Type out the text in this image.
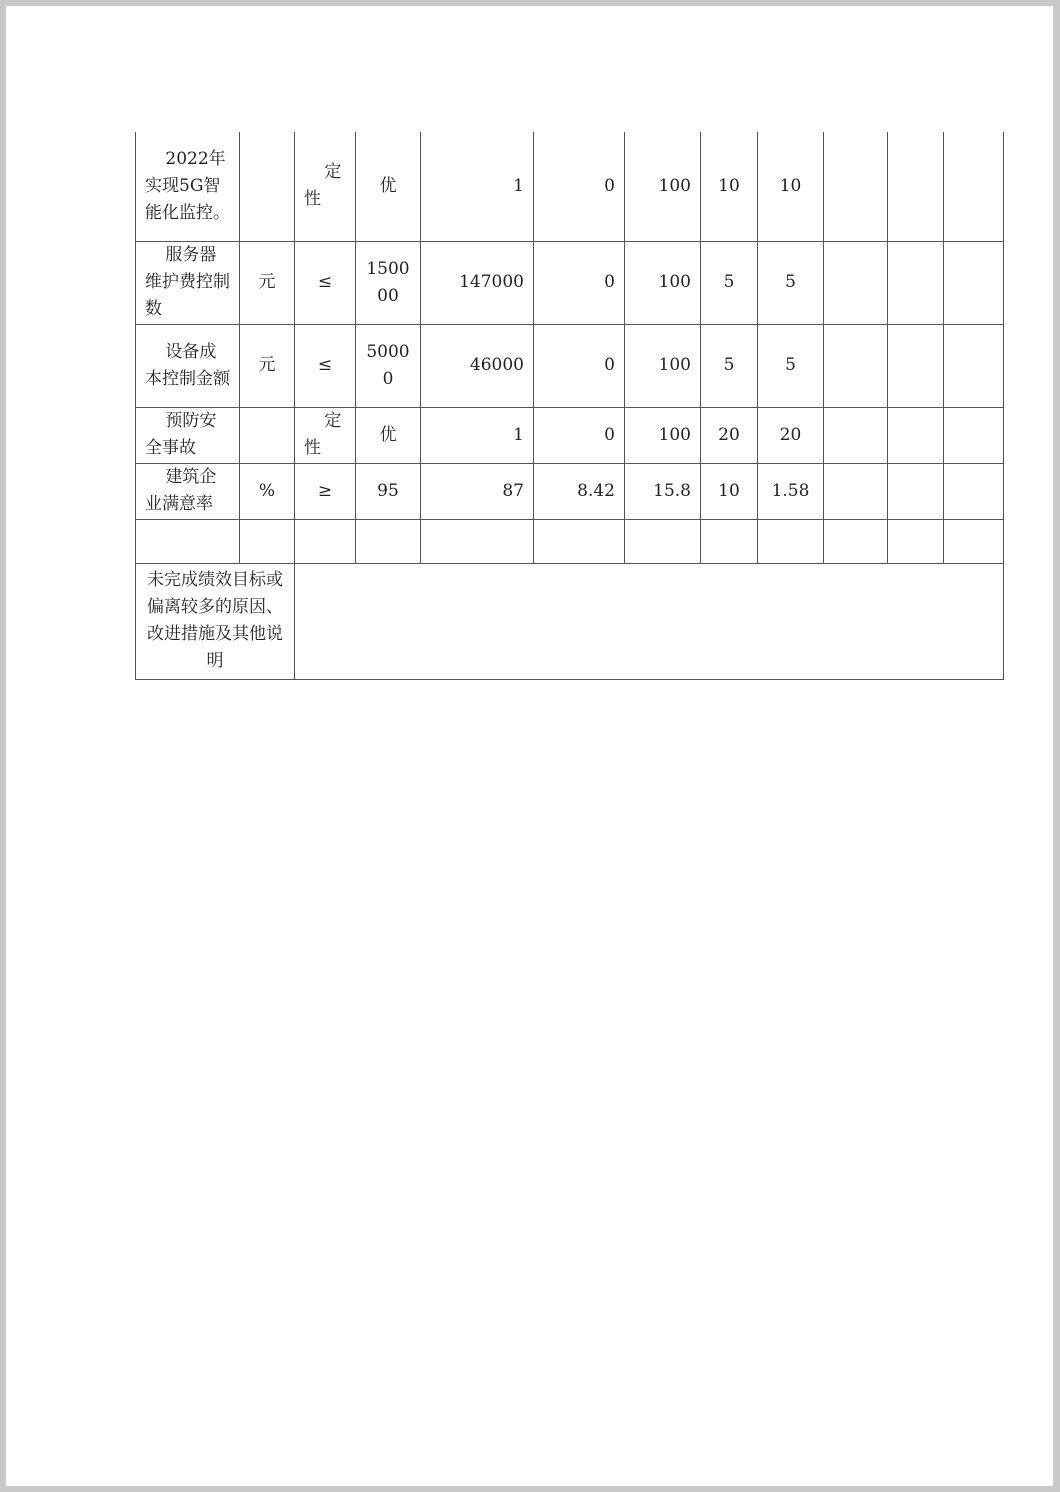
2022年实现5G智能化监控。		定性	优	1	0	100	10	10			
服务器维护费控制数	元	≤	150000	147000	0	100	5	5			
设备成本控制金额	元	≤	50000	46000	0	100	5	5			
预防安全事故		定性	优	1	0	100	20	20			
建筑企业满意率	%	≥	95	87	8.42	15.8	10	1.58			

未完成绩效目标或偏离较多的原因、改进措施及其他说明											
